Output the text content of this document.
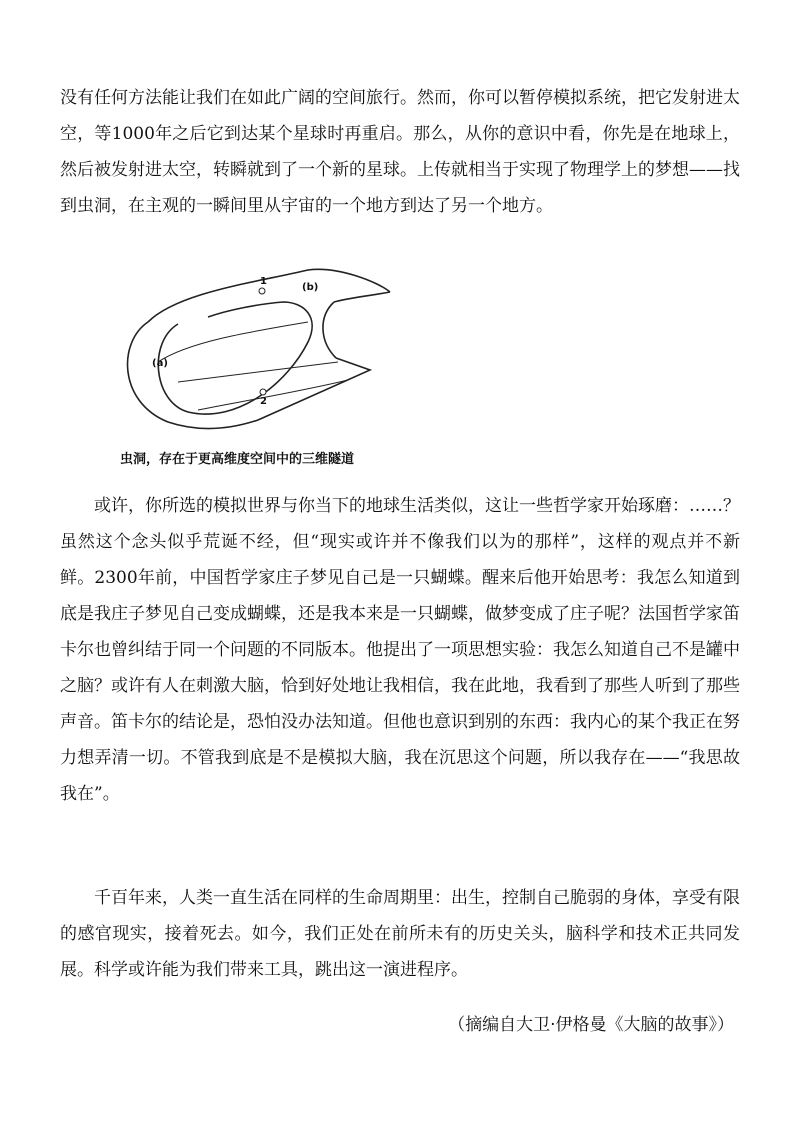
没有任何方法能让我们在如此广阔的空间旅行。然而，你可以暂停模拟系统，把它发射进太空，等1000年之后它到达某个星球时再重启。那么，从你的意识中看，你先是在地球上，然后被发射进太空，转瞬就到了一个新的星球。上传就相当于实现了物理学上的梦想——找到虫洞，在主观的一瞬间里从宇宙的一个地方到达了另一个地方。

(a)
(b)
1
2

虫洞，存在于更高维度空间中的三维隧道

或许，你所选的模拟世界与你当下的地球生活类似，这让一些哲学家开始琢磨：……？虽然这个念头似乎荒诞不经，但“现实或许并不像我们以为的那样”，这样的观点并不新鲜。2300年前，中国哲学家庄子梦见自己是一只蝴蝶。醒来后他开始思考：我怎么知道到底是我庄子梦见自己变成蝴蝶，还是我本来是一只蝴蝶，做梦变成了庄子呢？法国哲学家笛卡尔也曾纠结于同一个问题的不同版本。他提出了一项思想实验：我怎么知道自己不是罐中之脑？或许有人在刺激大脑，恰到好处地让我相信，我在此地，我看到了那些人听到了那些声音。笛卡尔的结论是，恐怕没办法知道。但他也意识到别的东西：我内心的某个我正在努力想弄清一切。不管我到底是不是模拟大脑，我在沉思这个问题，所以我存在——“我思故我在”。

千百年来，人类一直生活在同样的生命周期里：出生，控制自己脆弱的身体，享受有限的感官现实，接着死去。如今，我们正处在前所未有的历史关头，脑科学和技术正共同发展。科学或许能为我们带来工具，跳出这一演进程序。

（摘编自大卫·伊格曼《大脑的故事》）
